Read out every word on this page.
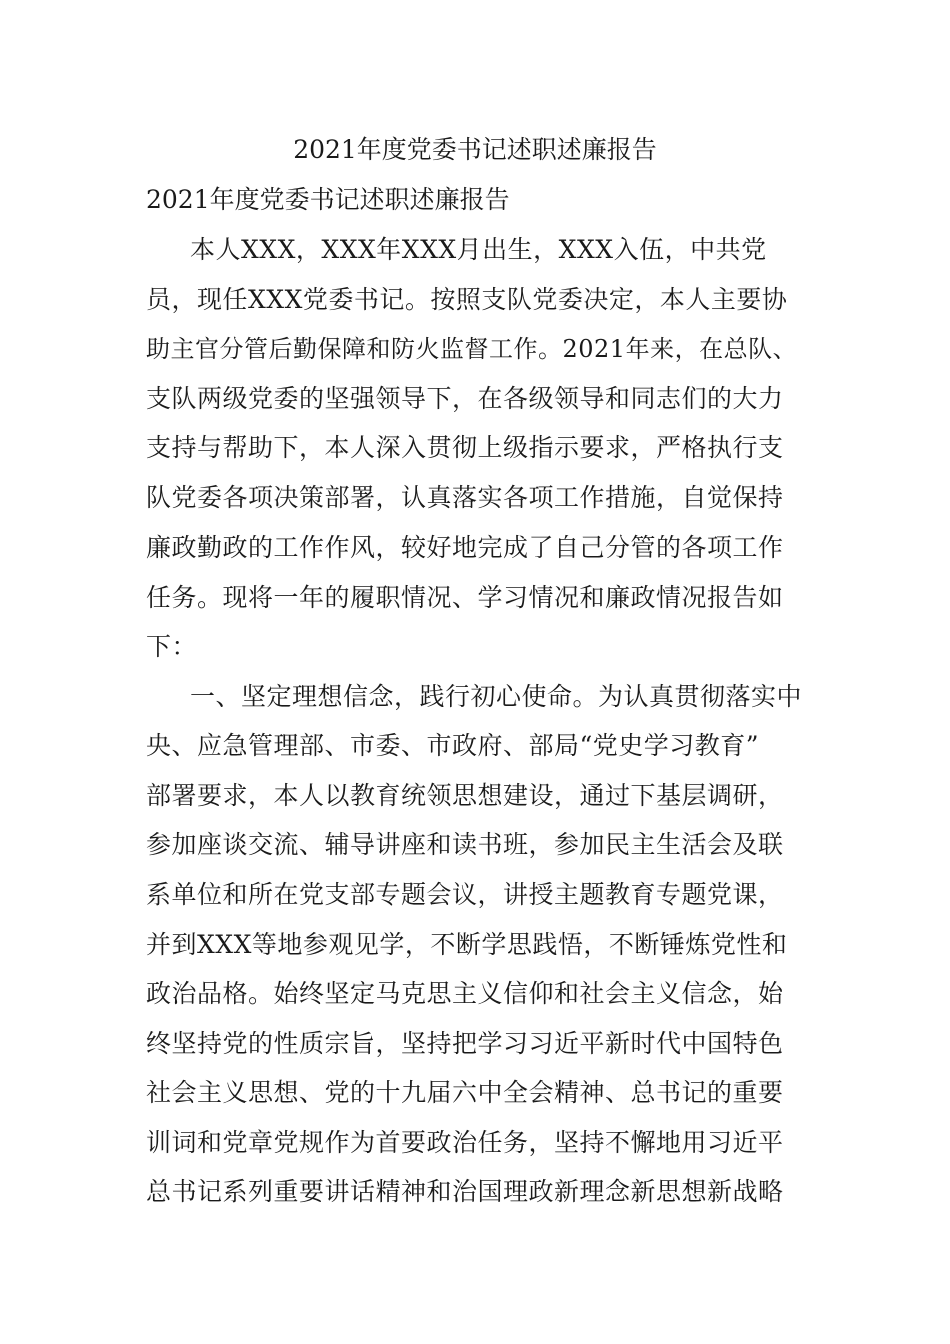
2021年度党委书记述职述廉报告

2021年度党委书记述职述廉报告

本人XXX，XXX年XXX月出生，XXX入伍，中共党

员，现任XXX党委书记。按照支队党委决定，本人主要协

助主官分管后勤保障和防火监督工作。2021年来，在总队、

支队两级党委的坚强领导下，在各级领导和同志们的大力

支持与帮助下，本人深入贯彻上级指示要求，严格执行支

队党委各项决策部署，认真落实各项工作措施，自觉保持

廉政勤政的工作作风，较好地完成了自己分管的各项工作

任务。现将一年的履职情况、学习情况和廉政情况报告如

下：

一、坚定理想信念，践行初心使命。为认真贯彻落实中

央、应急管理部、市委、市政府、部局“党史学习教育”

部署要求，本人以教育统领思想建设，通过下基层调研，

参加座谈交流、辅导讲座和读书班，参加民主生活会及联

系单位和所在党支部专题会议，讲授主题教育专题党课，

并到XXX等地参观见学，不断学思践悟，不断锤炼党性和

政治品格。始终坚定马克思主义信仰和社会主义信念，始

终坚持党的性质宗旨，坚持把学习习近平新时代中国特色

社会主义思想、党的十九届六中全会精神、总书记的重要

训词和党章党规作为首要政治任务，坚持不懈地用习近平

总书记系列重要讲话精神和治国理政新理念新思想新战略
